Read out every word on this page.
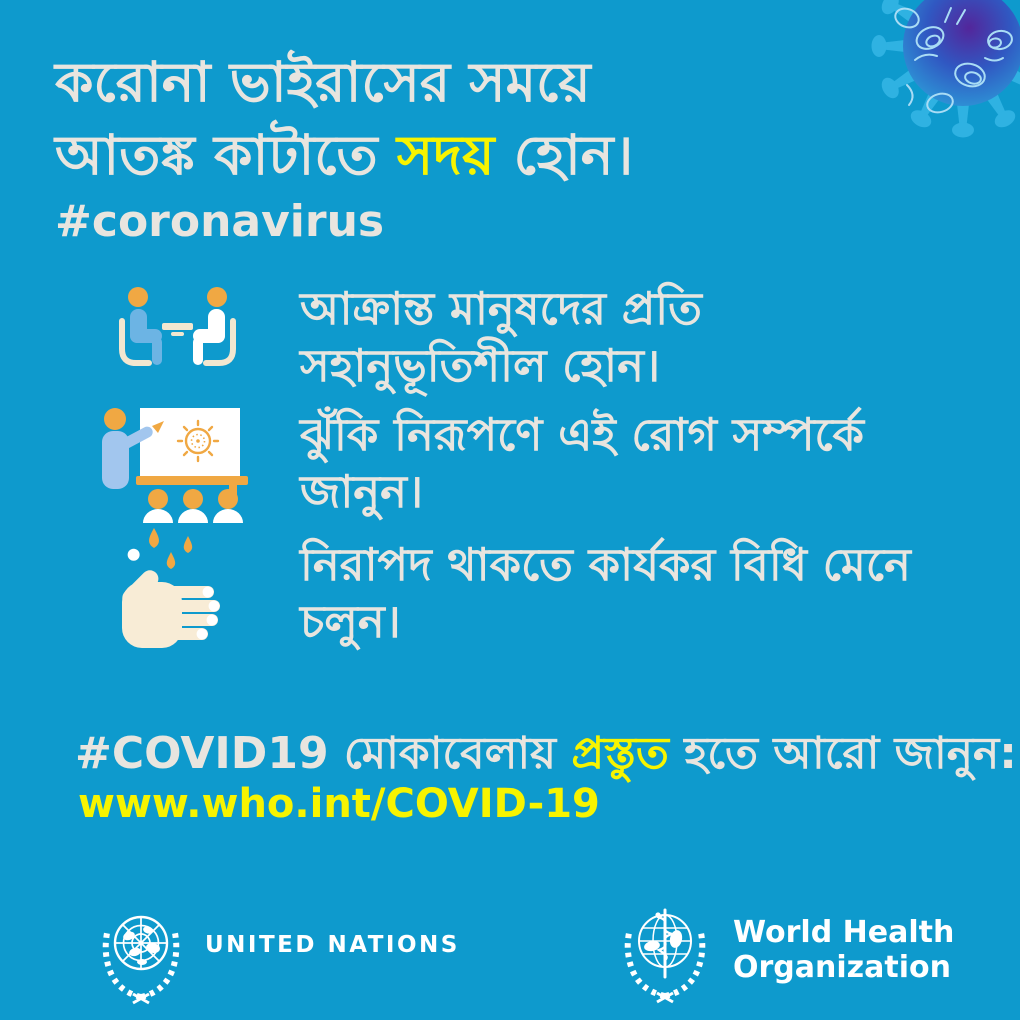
করোনা ভাইরাসের সময়ে
আতঙ্ক কাটাতে সদয় হোন।
#coronavirus
আক্রান্ত মানুষদের প্রতি
সহানুভূতিশীল হোন।
ঝুঁকি নিরূপণে এই রোগ সম্পর্কে
জানুন।
নিরাপদ থাকতে কার্যকর বিধি মেনে
চলুন।
#COVID19 মোকাবেলায় প্রস্তুত হতে আরো জানুন:
www.who.int/COVID-19
UNITED NATIONS	World Health
Organization
